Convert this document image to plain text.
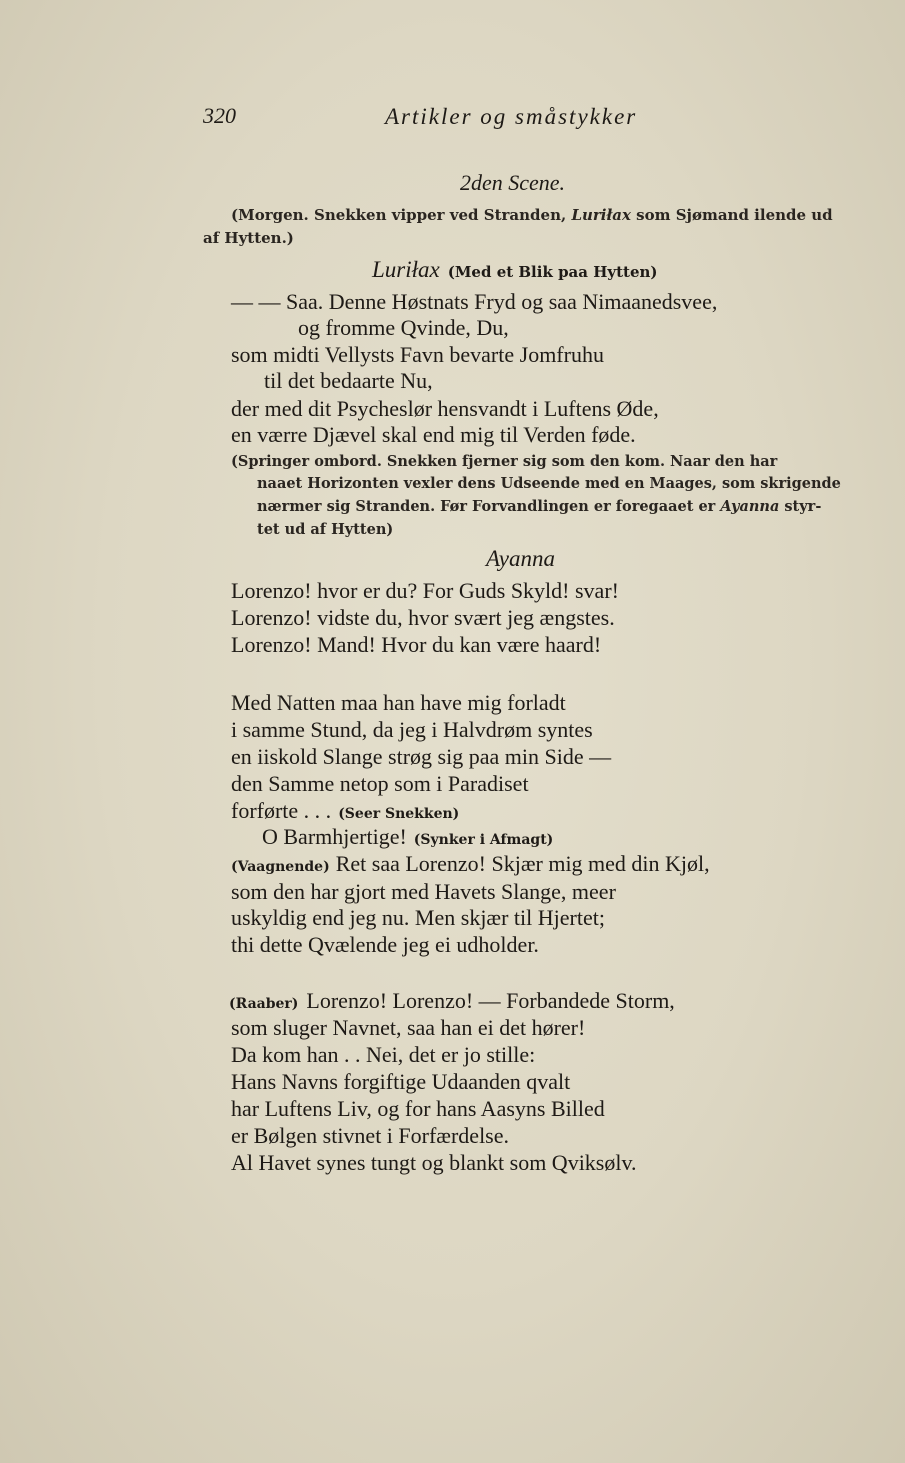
320	Artikler og småstykker
2den Scene.
(Morgen. Snekken vipper ved Stranden, Luriłax som Sjømand ilende ud
af Hytten.)
Luriłax (Med et Blik paa Hytten)
— — Saa. Denne Høstnats Fryd og saa Nimaanedsvee,
og fromme Qvinde, Du,
som midti Vellysts Favn bevarte Jomfruhu
til det bedaarte Nu,
der med dit Psycheslør hensvandt i Luftens Øde,
en værre Djævel skal end mig til Verden føde.
(Springer ombord. Snekken fjerner sig som den kom. Naar den har
naaet Horizonten vexler dens Udseende med en Maages, som skrigende
nærmer sig Stranden. Før Forvandlingen er foregaaet er Ayanna styr-
tet ud af Hytten)
Ayanna
Lorenzo! hvor er du? For Guds Skyld! svar!
Lorenzo! vidste du, hvor svært jeg ængstes.
Lorenzo! Mand! Hvor du kan være haard!
Med Natten maa han have mig forladt
i samme Stund, da jeg i Halvdrøm syntes
en iiskold Slange strøg sig paa min Side —
den Samme netop som i Paradiset
forførte . . . (Seer Snekken)
O Barmhjertige! (Synker i Afmagt)
(Vaagnende) Ret saa Lorenzo! Skjær mig med din Kjøl,
som den har gjort med Havets Slange, meer
uskyldig end jeg nu. Men skjær til Hjertet;
thi dette Qvælende jeg ei udholder.
(Raaber) Lorenzo! Lorenzo! — Forbandede Storm,
som sluger Navnet, saa han ei det hører!
Da kom han . . Nei, det er jo stille:
Hans Navns forgiftige Udaanden qvalt
har Luftens Liv, og for hans Aasyns Billed
er Bølgen stivnet i Forfærdelse.
Al Havet synes tungt og blankt som Qviksølv.
